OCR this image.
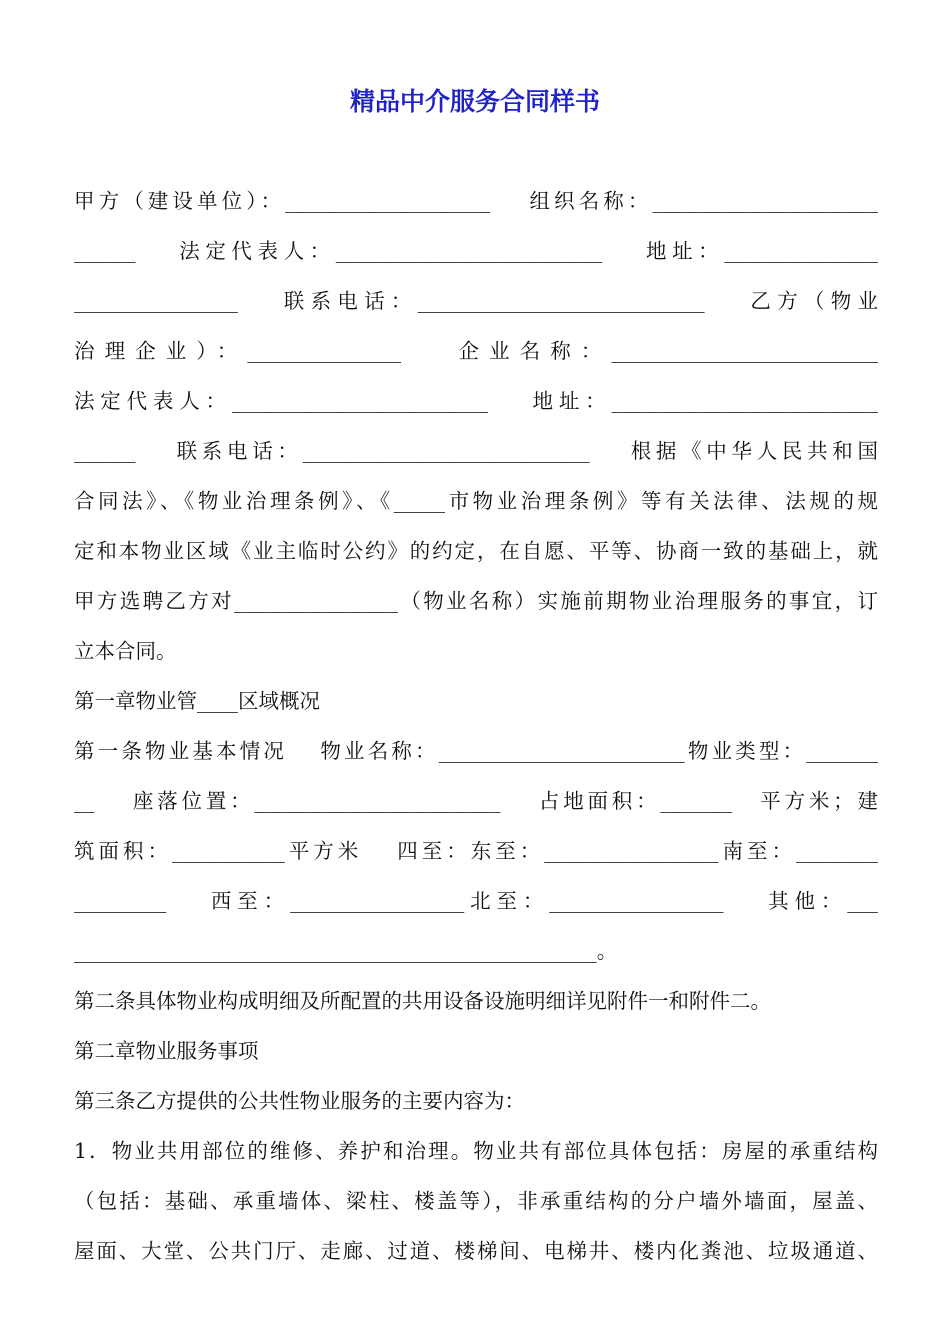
精品中介服务合同样书
甲方（建设单位）：____________________　 组织名称：______________________
______　 法定代表人：__________________________　 地址：_______________
________________　 联系电话：____________________________　 乙方（物业
治理企业）：_______________　 企业名称：__________________________
法定代表人：_________________________　 地址：__________________________
______　 联系电话：____________________________　 根据《中华人民共和国
合同法》、《物业治理条例》、《_____市物业治理条例》等有关法律、法规的规
定和本物业区域《业主临时公约》的约定，在自愿、平等、协商一致的基础上，就
甲方选聘乙方对________________（物业名称）实施前期物业治理服务的事宜，订
立本合同。
第一章物业管____区域概况
第一条物业基本情况　 物业名称：________________________物业类型：_______
__　 座落位置：________________________　 占地面积：_______　平方米；建
筑面积：___________平方米　 四至：东至：_________________南至：________
_________　 西至：_________________北至：_________________　 其他：___
___________________________________________________。
第二条具体物业构成明细及所配置的共用设备设施明细详见附件一和附件二。
第二章物业服务事项
第三条乙方提供的公共性物业服务的主要内容为：
1．物业共用部位的维修、养护和治理。物业共有部位具体包括：房屋的承重结构
（包括：基础、承重墙体、梁柱、楼盖等），非承重结构的分户墙外墙面，屋盖、
屋面、大堂、公共门厅、走廊、过道、楼梯间、电梯井、楼内化粪池、垃圾通道、
